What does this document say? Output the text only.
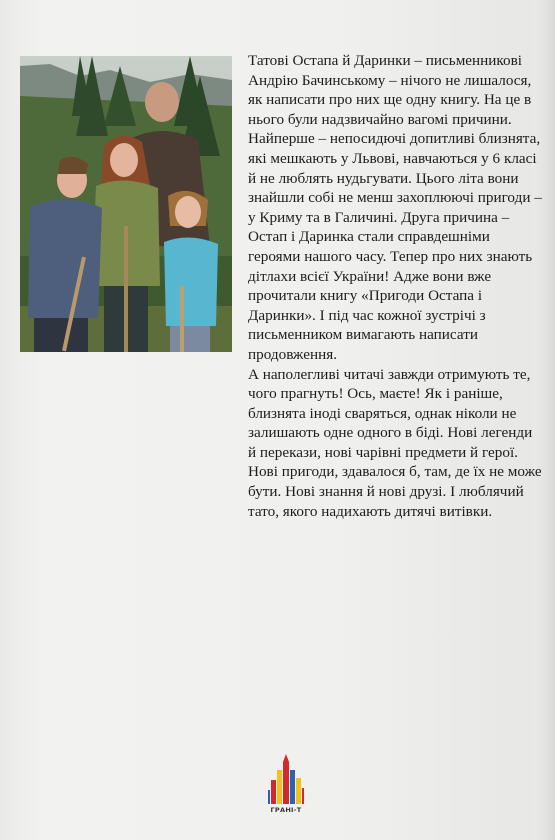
Татові Остапа й Даринки – письменникові Андрію Бачинському – нічого не лишалося, як написати про них ще одну книгу. На це в нього були надзвичайно вагомі причини. Найперше – непосидючі допитливі близнята, які мешкають у Львові, навчаються у 6 класі й не люблять нудьгувати. Цього літа вони знайшли собі не менш захоплюючі пригоди – у Криму та в Галичині. Друга причина – Остап і Даринка стали справдешніми героями нашого часу. Тепер про них знають дітлахи всієї України! Адже вони вже прочитали книгу «Пригоди Остапа і Даринки». І під час кожної зустрічі з письменником вимагають написати продовження.

А наполегливі читачі завжди отримують те, чого прагнуть! Ось, маєте! Як і раніше, близнята іноді сваряться, однак ніколи не залишають одне одного в біді. Нові легенди й перекази, нові чарівні предмети й герої. Нові пригоди, здавалося б, там, де їх не може бути. Нові знання й нові друзі. І люблячий тато, якого надихають дитячі витівки.

ГРАНІ-Т
